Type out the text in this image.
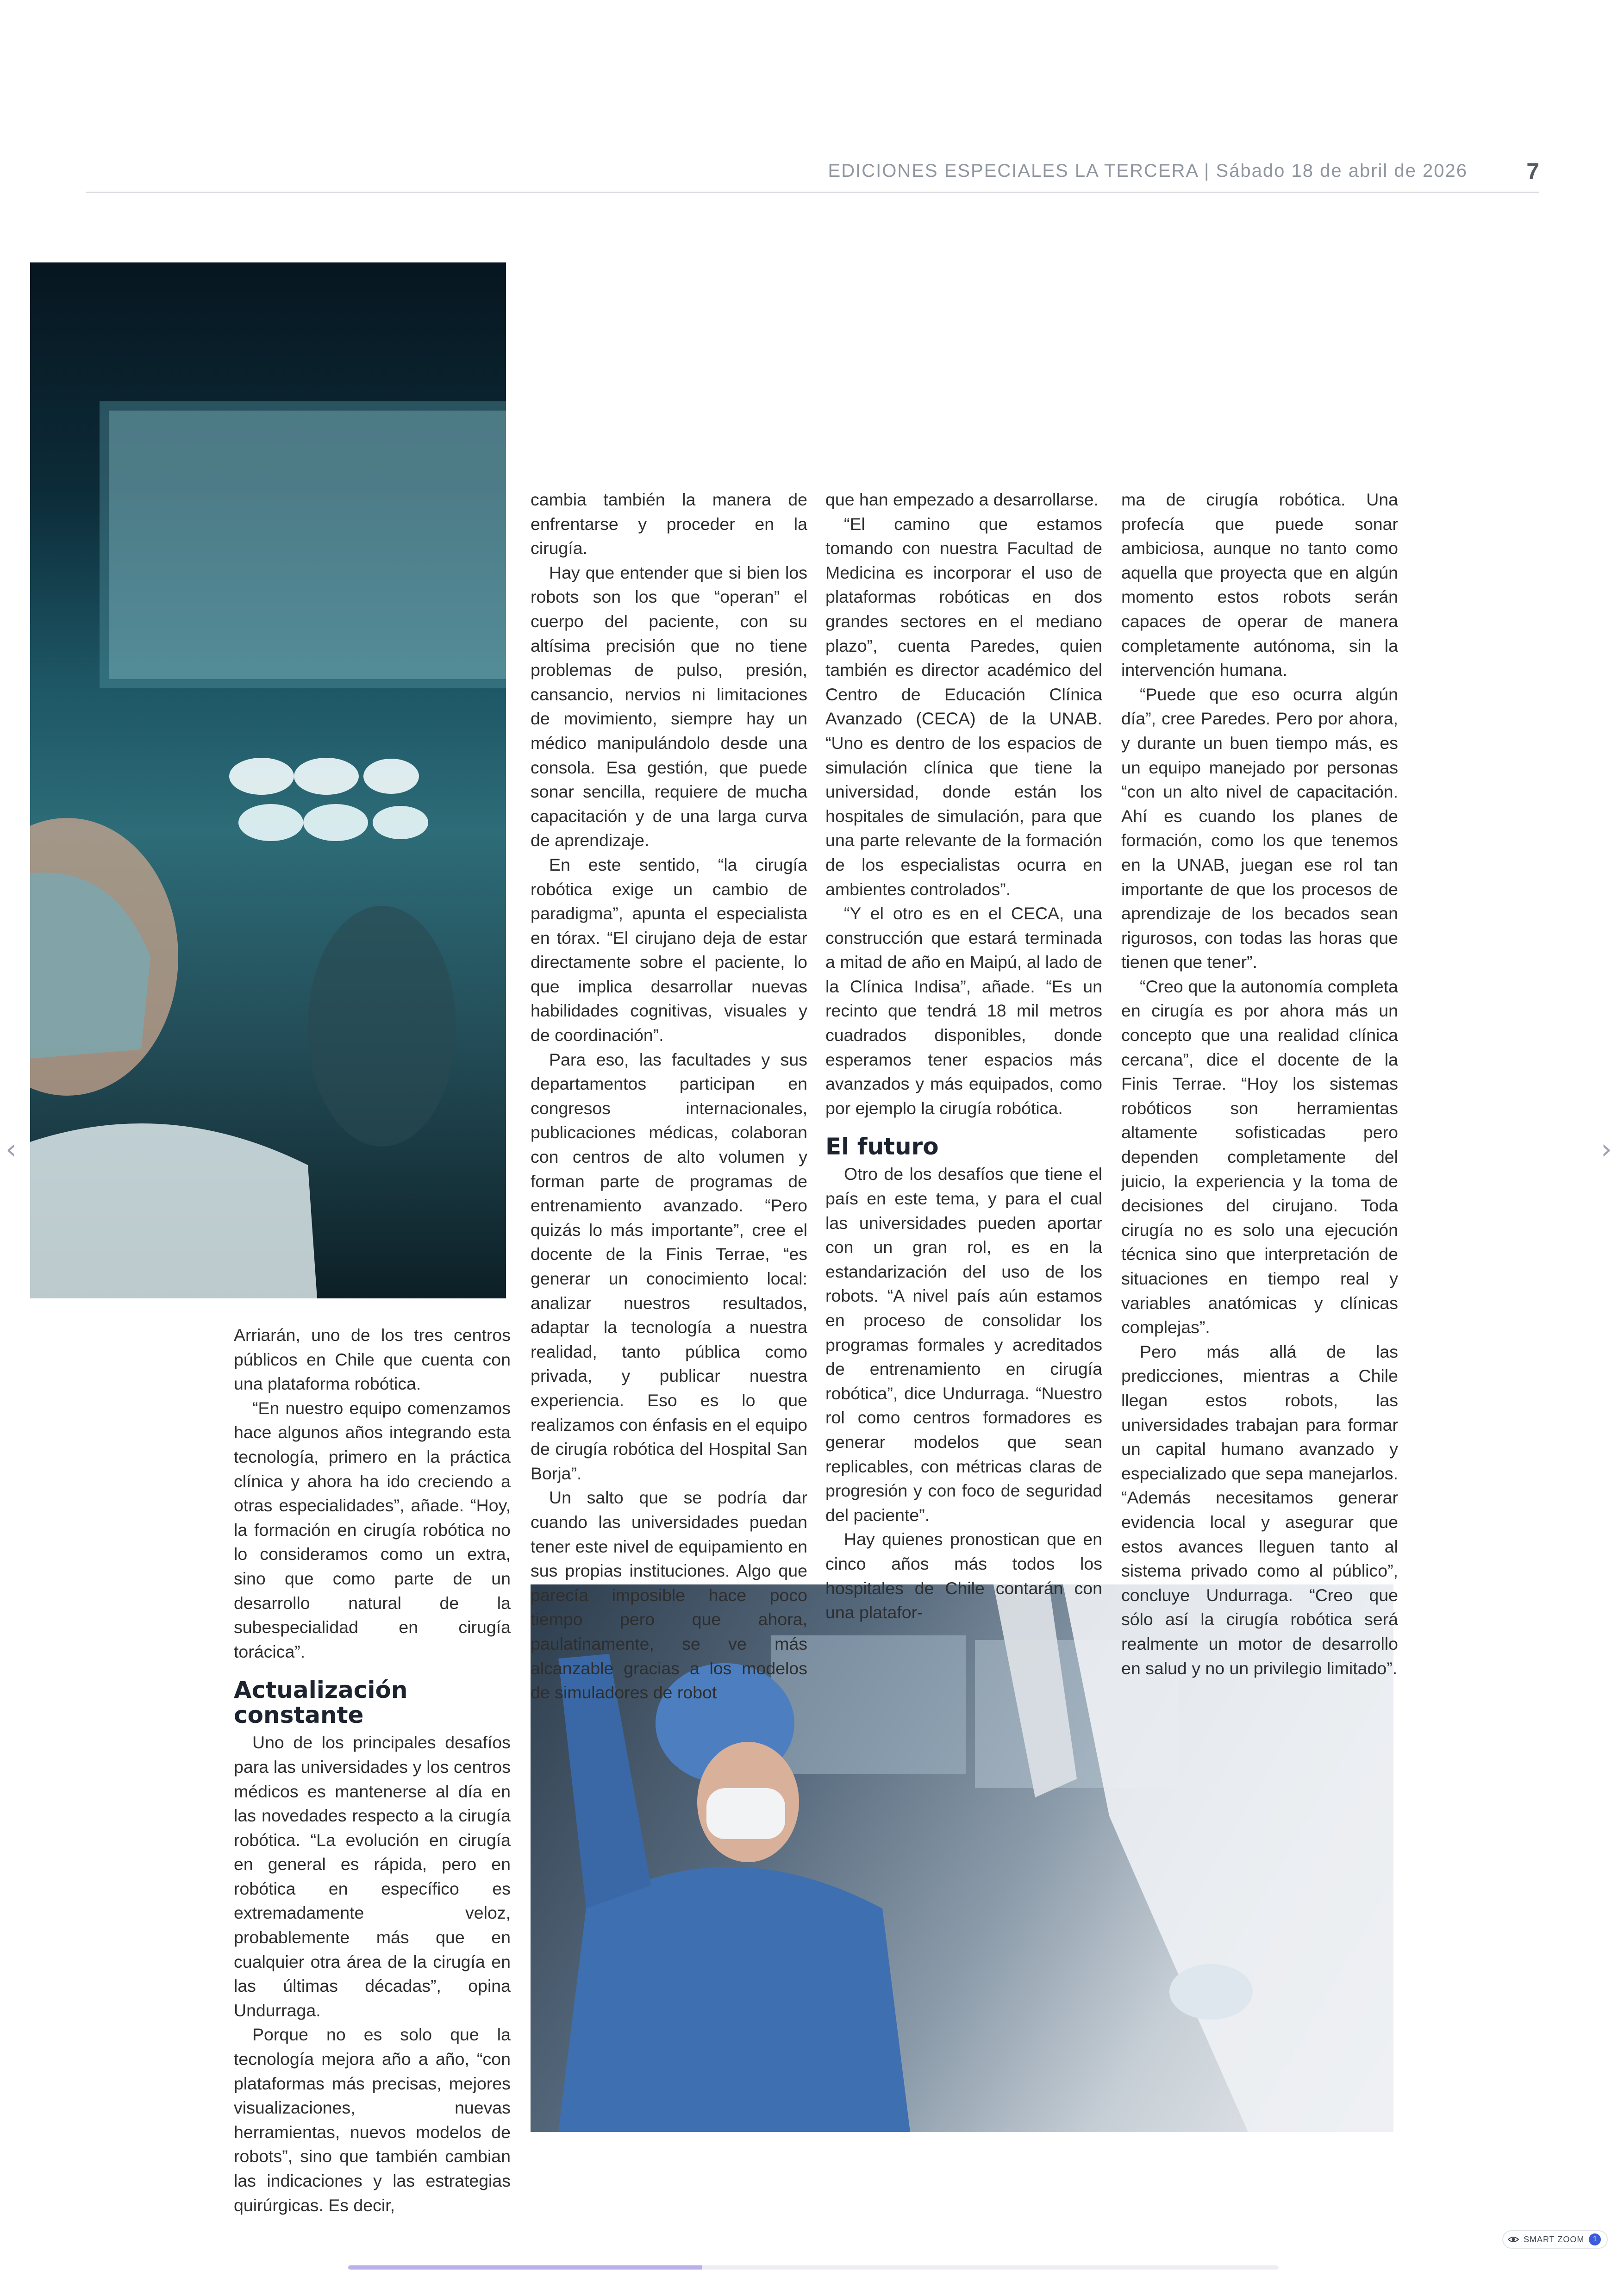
EDICIONES ESPECIALES LA TERCERA | Sábado 18 de abril de 2026	7

Arriarán, uno de los tres centros públicos en Chile que cuenta con una plataforma robótica.

“En nuestro equipo comenzamos hace algunos años integrando esta tecnología, primero en la práctica clínica y ahora ha ido creciendo a otras especialidades”, añade. “Hoy, la formación en cirugía robótica no lo consideramos como un extra, sino que como parte de un desarrollo natural de la subespecialidad en cirugía torácica”.

Actualización constante

Uno de los principales desafíos para las universidades y los centros médicos es mantenerse al día en las novedades respecto a la cirugía robótica. “La evolución en cirugía en general es rápida, pero en robótica en específico es extremadamente veloz, probablemente más que en cualquier otra área de la cirugía en las últimas décadas”, opina Undurraga.

Porque no es solo que la tecnología mejora año a año, “con plataformas más precisas, mejores visualizaciones, nuevas herramientas, nuevos modelos de robots”, sino que también cambian las indicaciones y las estrategias quirúrgicas. Es decir,

cambia también la manera de enfrentarse y proceder en la cirugía.

Hay que entender que si bien los robots son los que “operan” el cuerpo del paciente, con su altísima precisión que no tiene problemas de pulso, presión, cansancio, nervios ni limitaciones de movimiento, siempre hay un médico manipulándolo desde una consola. Esa gestión, que puede sonar sencilla, requiere de mucha capacitación y de una larga curva de aprendizaje.

En este sentido, “la cirugía robótica exige un cambio de paradigma”, apunta el especialista en tórax. “El cirujano deja de estar directamente sobre el paciente, lo que implica desarrollar nuevas habilidades cognitivas, visuales y de coordinación”.

Para eso, las facultades y sus departamentos participan en congresos internacionales, publicaciones médicas, colaboran con centros de alto volumen y forman parte de programas de entrenamiento avanzado. “Pero quizás lo más importante”, cree el docente de la Finis Terrae, “es generar un conocimiento local: analizar nuestros resultados, adaptar la tecnología a nuestra realidad, tanto pública como privada, y publicar nuestra experiencia. Eso es lo que realizamos con énfasis en el equipo de cirugía robótica del Hospital San Borja”.

Un salto que se podría dar cuando las universidades puedan tener este nivel de equipamiento en sus propias instituciones. Algo que parecía imposible hace poco tiempo pero que ahora, paulatinamente, se ve más alcanzable gracias a los modelos de simuladores de robot

que han empezado a desarrollarse.

“El camino que estamos tomando con nuestra Facultad de Medicina es incorporar el uso de plataformas robóticas en dos grandes sectores en el mediano plazo”, cuenta Paredes, quien también es director académico del Centro de Educación Clínica Avanzado (CECA) de la UNAB. “Uno es dentro de los espacios de simulación clínica que tiene la universidad, donde están los hospitales de simulación, para que una parte relevante de la formación de los especialistas ocurra en ambientes controlados”.

“Y el otro es en el CECA, una construcción que estará terminada a mitad de año en Maipú, al lado de la Clínica Indisa”, añade. “Es un recinto que tendrá 18 mil metros cuadrados disponibles, donde esperamos tener espacios más avanzados y más equipados, como por ejemplo la cirugía robótica.

El futuro

Otro de los desafíos que tiene el país en este tema, y para el cual las universidades pueden aportar con un gran rol, es en la estandarización del uso de los robots. “A nivel país aún estamos en proceso de consolidar los programas formales y acreditados de entrenamiento en cirugía robótica”, dice Undurraga. “Nuestro rol como centros formadores es generar modelos que sean replicables, con métricas claras de progresión y con foco de seguridad del paciente”.

Hay quienes pronostican que en cinco años más todos los hospitales de Chile contarán con una platafor-

ma de cirugía robótica. Una profecía que puede sonar ambiciosa, aunque no tanto como aquella que proyecta que en algún momento estos robots serán capaces de operar de manera completamente autónoma, sin la intervención humana.

“Puede que eso ocurra algún día”, cree Paredes. Pero por ahora, y durante un buen tiempo más, es un equipo manejado por personas “con un alto nivel de capacitación. Ahí es cuando los planes de formación, como los que tenemos en la UNAB, juegan ese rol tan importante de que los procesos de aprendizaje de los becados sean rigurosos, con todas las horas que tienen que tener”.

“Creo que la autonomía completa en cirugía es por ahora más un concepto que una realidad clínica cercana”, dice el docente de la Finis Terrae. “Hoy los sistemas robóticos son herramientas altamente sofisticadas pero dependen completamente del juicio, la experiencia y la toma de decisiones del cirujano. Toda cirugía no es solo una ejecución técnica sino que interpretación de situaciones en tiempo real y variables anatómicas y clínicas complejas”.

Pero más allá de las predicciones, mientras a Chile llegan estos robots, las universidades trabajan para formar un capital humano avanzado y especializado que sepa manejarlos. “Además necesitamos generar evidencia local y asegurar que estos avances lleguen tanto al sistema privado como al público”, concluye Undurraga. “Creo que sólo así la cirugía robótica será realmente un motor de desarrollo en salud y no un privilegio limitado”.

‹	›
SMART ZOOM	1
